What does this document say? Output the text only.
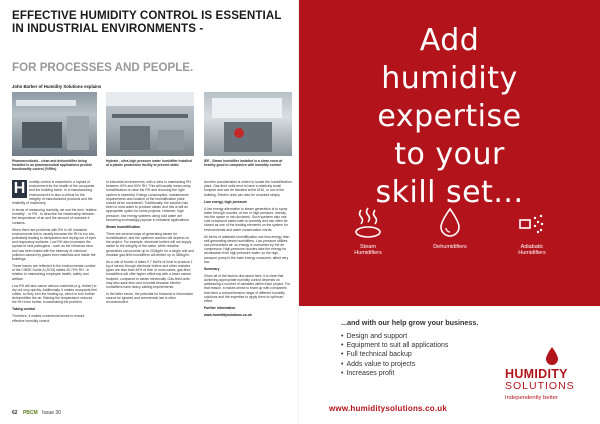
EFFECTIVE HUMIDITY CONTROL IS ESSENTIAL IN INDUSTRIAL ENVIRONMENTS -
FOR PROCESSES AND PEOPLE.
John Barber of Humidity Solutions explains
Pharmaceuticals - clean and dehumidifier being installed in an pharmaceutical applications provide functionality control (%RHs)
Hydrate - ultra-high pressure water humidifier installed at a plastic production facility to prevent static
IEE - Steam humidifier installed in a clean room at healthy good to companies with humidity control

H	umidity control is essential in a myriad of environment for the health of the occupants and the building fabric. In a manufacturing environment it is also a critical for the integrity of manufactured products and the reliability of machinery.

In terms of measuring humidity, we use the term 'relative humidity' - or RH - to describe the relationship between the temperature of air and the amount of moisture it contains.

When there are problems with RH in UK industrial environments this is usually because the RH is too low, potentially leading to dehydration and drying out of eyes and respiratory surfaces. Low RH also increases the spread of viral pathogens - such as the influenza virus and has been linked with the intensity of chemical pollution caused by gases from materials and inside the buildings.

These issues are reflected in the environmental comfort of the CIBSE Guide A (2015) states 40-70% RH - in relation to maintaining employee health, safety and welfare.

Low RH will also cause various materials (e.g. timber) to dry out very quickly. Additionally, it makes occupants feel colder, so they turn the heating up, which in turn further dehumidifies the air. Raising the temperature reduces the RH even further, exacerbating the problem.

Taking control

Therefore, it makes commercial sense to ensure effective humidity control

In industrial environments, with a view to maintaining RH between 40% and 60% RH. This will usually mean using humidification to raise the RH and choosing the right system is essential. Energy consumption, maintenance requirements and location of the humidification plant should all be considered. Traditionally, the solution has been to heat water to produce steam and this is still an appropriate option for some projects. However, high pressure, low energy systems using cold water are becoming increasingly popular in industrial applications.

Steam humidification

There are several ways of generating steam for humidification, and the optimum solution will depend on the project. For example, electrode boilers will not supply steam to the integrity of the water, while resistive generators can provide up to 200kg/hr for a single unit and modular gas-fired humidifiers will deliver up to 480kg/hr.

As a rule of thumb, it takes 0.7 kW/hr of heat to produce 1 kg of steam, though electrode boilers and other resistive types are less than 40% of that. In most cases, gas-fired humidifiers will offer higher efficiency with a lower carbon footprint, compared to steam electrically. Gas-fired units may also save less cost to install because electric humidifiers have heavy cabling requirements.

In the latter sense, the potential for financial or information cannot be ignored and commercial law is often recommended.

Another consideration is where to locate the humidification plant. Gas-fired units tend to have a relatively small footprint and can be situated at the AHU, or out of the building. Electric units can also be mounted simply.

Low energy, high pressure

A low energy alternative to steam generation is to spray water through nozzles, at low or high pressure, directly into the space or into ductwork. Such systems also use cold compound water-bath to humidify and can often be closed as one of the leading elements on the system for environmental and water conservation needs.

All forms of adiabatic humidification use less energy than self-generating steam humidifiers. Low pressure utilities use pressurised air, so energy is consumed by the air compressor. High-pressure nozzles take the energy for atomisation from high pressure water, so the high-pressure pump is the main energy consumer, albeit very low.

Summary

Given all of the factors discussed here, it is clear that achieving appropriate humidity control depends on addressing a number of variables within each project. For that reason, it makes sense to team up with companies that have a comprehensive range of different humidity solutions and the expertise to apply them to optimum effect.

Further information

www.humiditysolutions.co.uk

62 PBCM Issue 30
Add
humidity
expertise
to your
skill set...
Steam
Humidifiers
Dehumidifiers	Adiabatic
Humidifiers
...and with our help grow your business.
• Design and support
• Equipment to suit all applications
• Full technical backup
• Adds value to projects
• Increases profit	HUMIDITY
SOLUTIONS
Independently better
www.humiditysolutions.co.uk
